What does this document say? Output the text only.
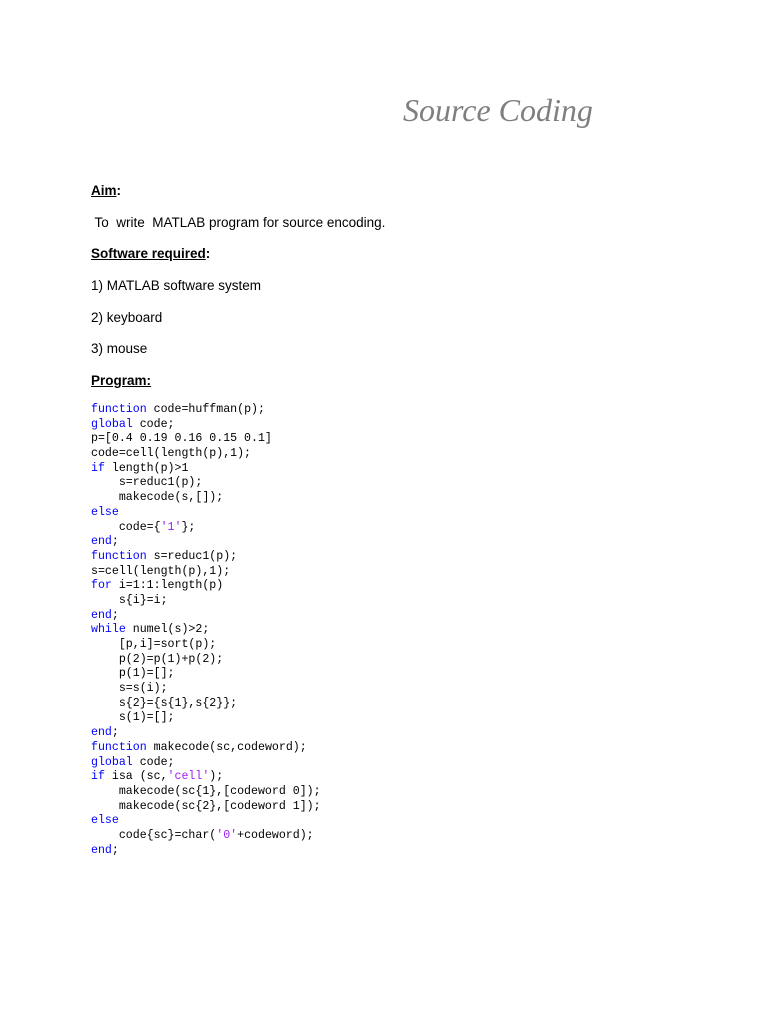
Source Coding
Aim:
To  write  MATLAB program for source encoding.
Software required:
1) MATLAB software system
2) keyboard
3) mouse
Program:
function code=huffman(p);
global code;
p=[0.4 0.19 0.16 0.15 0.1]
code=cell(length(p),1);
if length(p)>1
s=reduc1(p);
makecode(s,[]);
else
code={'1'};
end;
function s=reduc1(p);
s=cell(length(p),1);
for i=1:1:length(p)
s{i}=i;
end;
while numel(s)>2;
[p,i]=sort(p);
p(2)=p(1)+p(2);
p(1)=[];
s=s(i);
s{2}={s{1},s{2}};
s(1)=[];
end;
function makecode(sc,codeword);
global code;
if isa (sc,'cell');
makecode(sc{1},[codeword 0]);
makecode(sc{2},[codeword 1]);
else
code{sc}=char('0'+codeword);
end;
